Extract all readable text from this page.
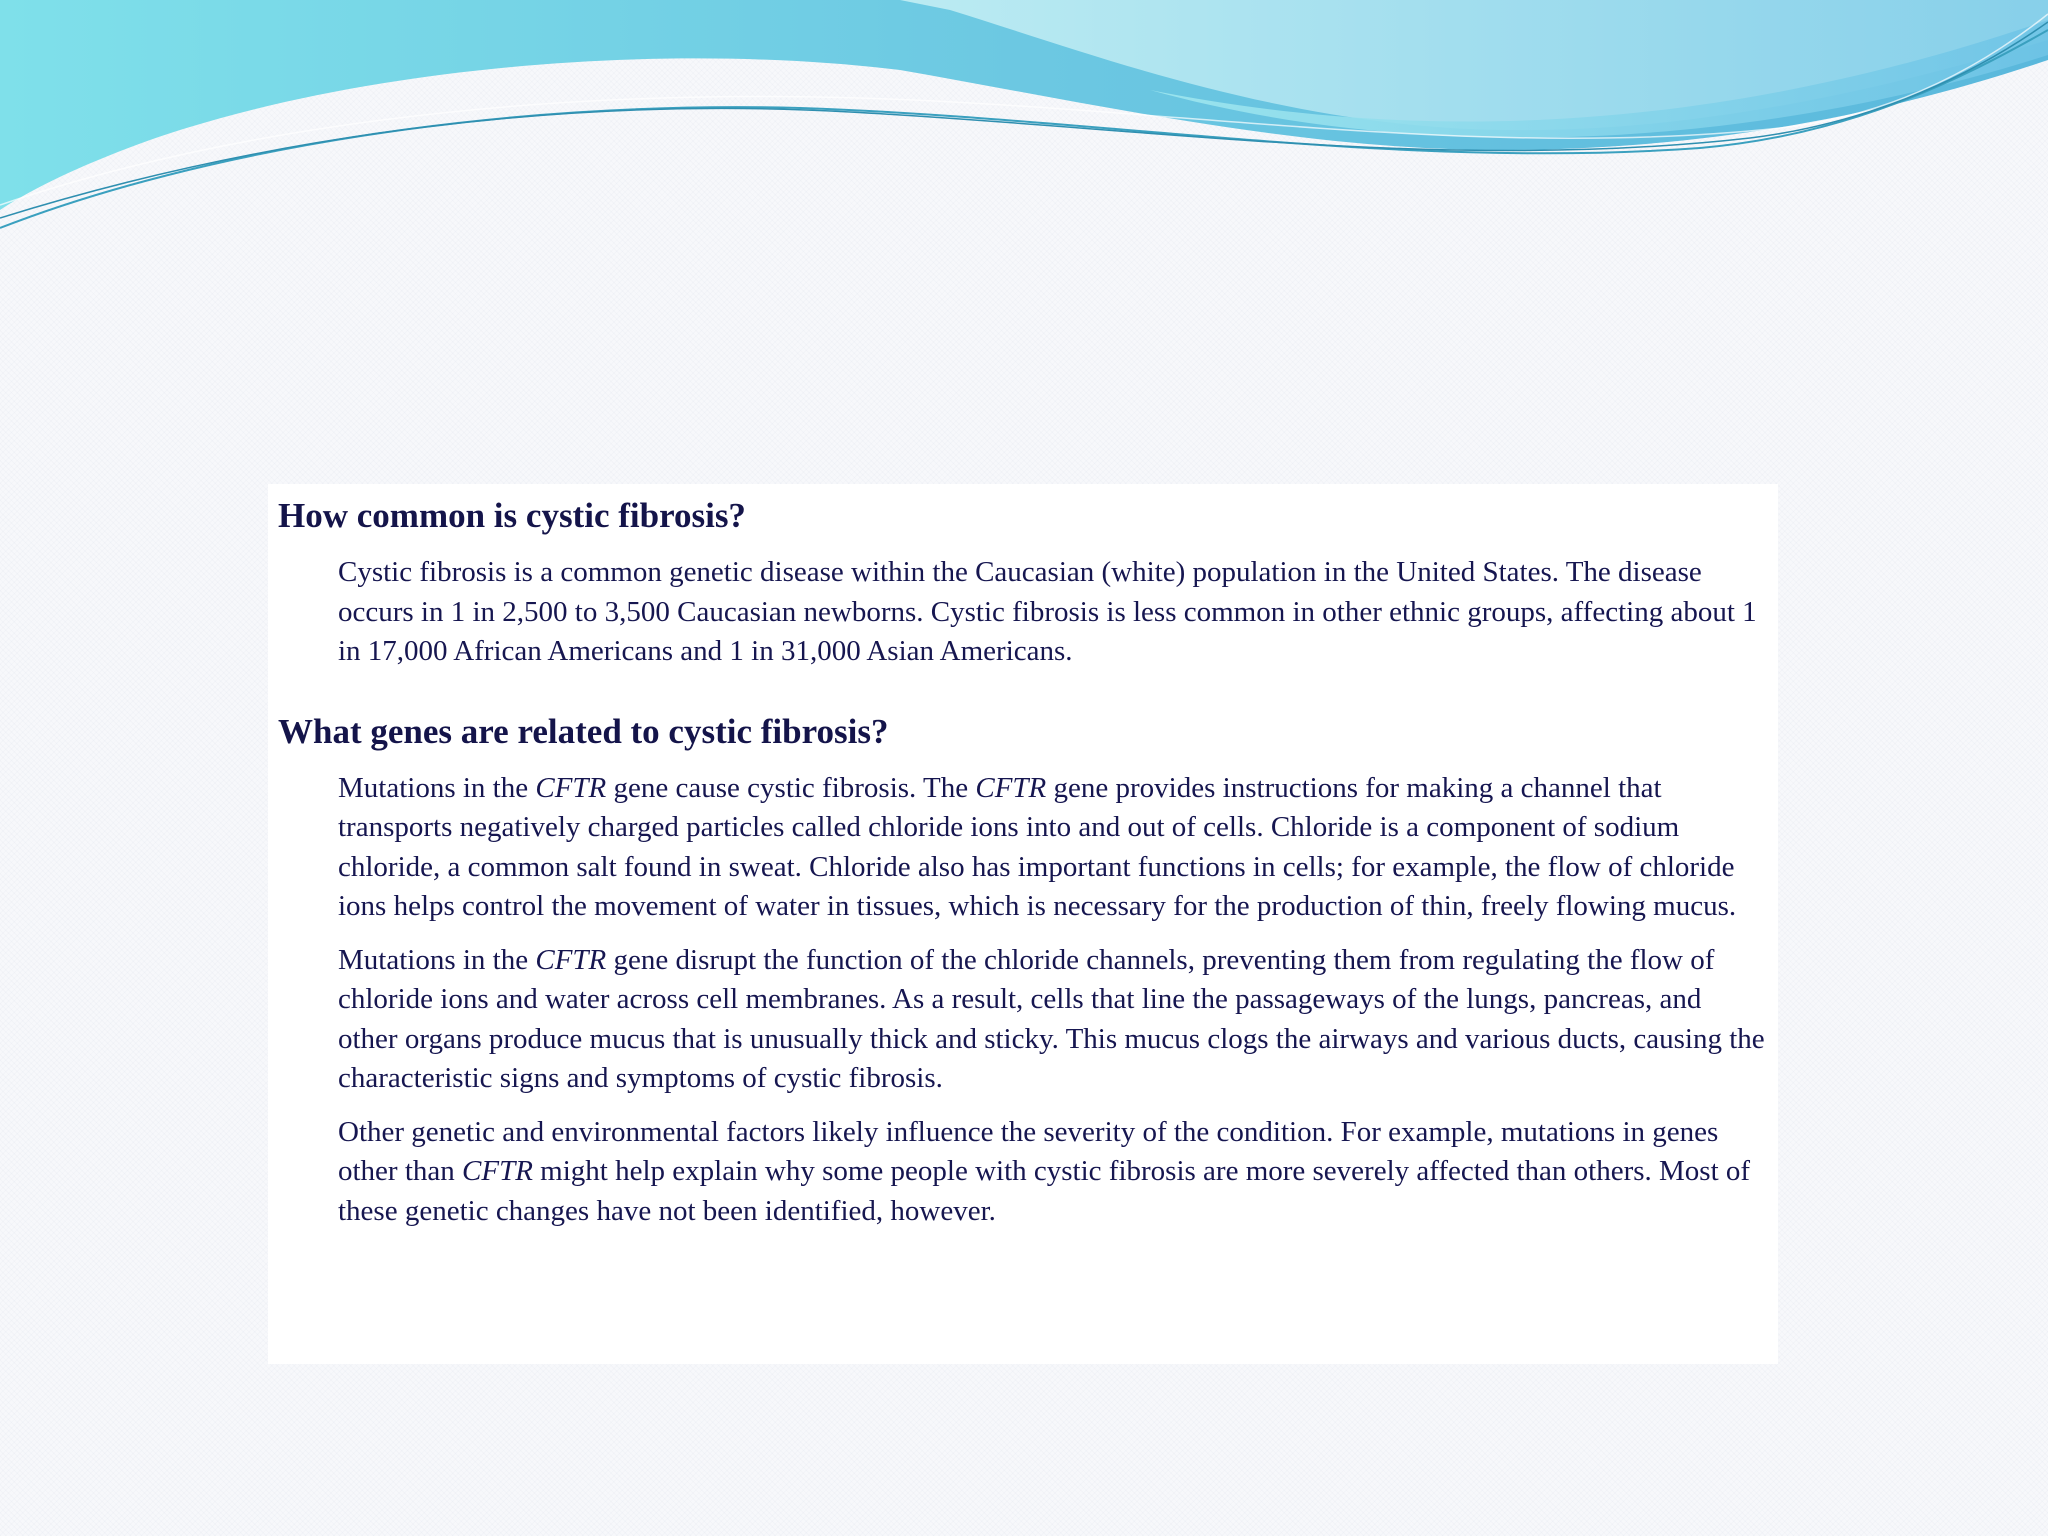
How common is cystic fibrosis?

Cystic fibrosis is a common genetic disease within the Caucasian (white) population in the United States. The disease occurs in 1 in 2,500 to 3,500 Caucasian newborns. Cystic fibrosis is less common in other ethnic groups, affecting about 1 in 17,000 African Americans and 1 in 31,000 Asian Americans.

What genes are related to cystic fibrosis?

Mutations in the CFTR gene cause cystic fibrosis. The CFTR gene provides instructions for making a channel that transports negatively charged particles called chloride ions into and out of cells. Chloride is a component of sodium chloride, a common salt found in sweat. Chloride also has important functions in cells; for example, the flow of chloride ions helps control the movement of water in tissues, which is necessary for the production of thin, freely flowing mucus.

Mutations in the CFTR gene disrupt the function of the chloride channels, preventing them from regulating the flow of chloride ions and water across cell membranes. As a result, cells that line the passageways of the lungs, pancreas, and other organs produce mucus that is unusually thick and sticky. This mucus clogs the airways and various ducts, causing the characteristic signs and symptoms of cystic fibrosis.

Other genetic and environmental factors likely influence the severity of the condition. For example, mutations in genes other than CFTR might help explain why some people with cystic fibrosis are more severely affected than others. Most of these genetic changes have not been identified, however.
